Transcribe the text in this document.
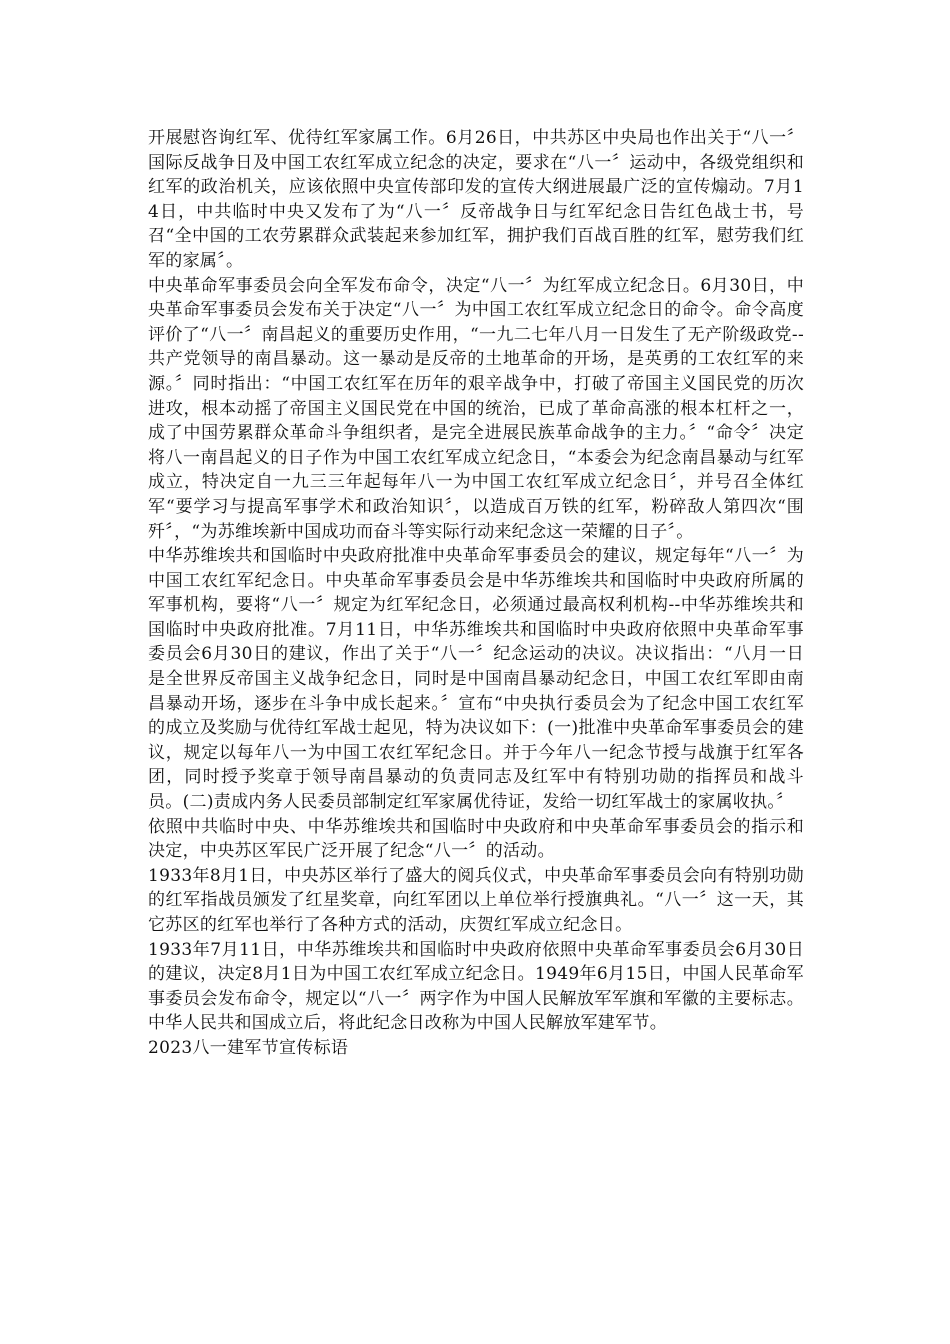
开展慰咨询红军、优待红军家属工作。6月26日，中共苏区中央局也作出关于“八一〞国际反战争日及中国工农红军成立纪念的决定，要求在“八一〞运动中，各级党组织和红军的政治机关，应该依照中央宣传部印发的宣传大纲进展最广泛的宣传煽动。7月14日，中共临时中央又发布了为“八一〞反帝战争日与红军纪念日告红色战士书，号召“全中国的工农劳累群众武装起来参加红军，拥护我们百战百胜的红军，慰劳我们红军的家属〞。

中央革命军事委员会向全军发布命令，决定“八一〞为红军成立纪念日。6月30日，中央革命军事委员会发布关于决定“八一〞为中国工农红军成立纪念日的命令。命令高度评价了“八一〞南昌起义的重要历史作用，“一九二七年八月一日发生了无产阶级政党--共产党领导的南昌暴动。这一暴动是反帝的土地革命的开场，是英勇的工农红军的来源。〞同时指出：“中国工农红军在历年的艰辛战争中，打破了帝国主义国民党的历次进攻，根本动摇了帝国主义国民党在中国的统治，已成了革命高涨的根本杠杆之一，成了中国劳累群众革命斗争组织者，是完全进展民族革命战争的主力。〞“命令〞决定将八一南昌起义的日子作为中国工农红军成立纪念日，“本委会为纪念南昌暴动与红军成立，特决定自一九三三年起每年八一为中国工农红军成立纪念日〞，并号召全体红军“要学习与提高军事学术和政治知识〞，以造成百万铁的红军，粉碎敌人第四次“围歼〞，“为苏维埃新中国成功而奋斗等实际行动来纪念这一荣耀的日子〞。

中华苏维埃共和国临时中央政府批准中央革命军事委员会的建议，规定每年“八一〞为中国工农红军纪念日。中央革命军事委员会是中华苏维埃共和国临时中央政府所属的军事机构，要将“八一〞规定为红军纪念日，必须通过最高权利机构--中华苏维埃共和国临时中央政府批准。7月11日，中华苏维埃共和国临时中央政府依照中央革命军事委员会6月30日的建议，作出了关于“八一〞纪念运动的决议。决议指出：“八月一日是全世界反帝国主义战争纪念日，同时是中国南昌暴动纪念日，中国工农红军即由南昌暴动开场，逐步在斗争中成长起来。〞宣布“中央执行委员会为了纪念中国工农红军的成立及奖励与优待红军战士起见，特为决议如下：(一)批准中央革命军事委员会的建议，规定以每年八一为中国工农红军纪念日。并于今年八一纪念节授与战旗于红军各团，同时授予奖章于领导南昌暴动的负责同志及红军中有特别功勋的指挥员和战斗员。(二)责成内务人民委员部制定红军家属优待证，发给一切红军战士的家属收执。〞

依照中共临时中央、中华苏维埃共和国临时中央政府和中央革命军事委员会的指示和决定，中央苏区军民广泛开展了纪念“八一〞的活动。

1933年8月1日，中央苏区举行了盛大的阅兵仪式，中央革命军事委员会向有特别功勋的红军指战员颁发了红星奖章，向红军团以上单位举行授旗典礼。“八一〞这一天，其它苏区的红军也举行了各种方式的活动，庆贺红军成立纪念日。

1933年7月11日，中华苏维埃共和国临时中央政府依照中央革命军事委员会6月30日的建议，决定8月1日为中国工农红军成立纪念日。1949年6月15日，中国人民革命军事委员会发布命令，规定以“八一〞两字作为中国人民解放军军旗和军徽的主要标志。中华人民共和国成立后，将此纪念日改称为中国人民解放军建军节。

2023八一建军节宣传标语
